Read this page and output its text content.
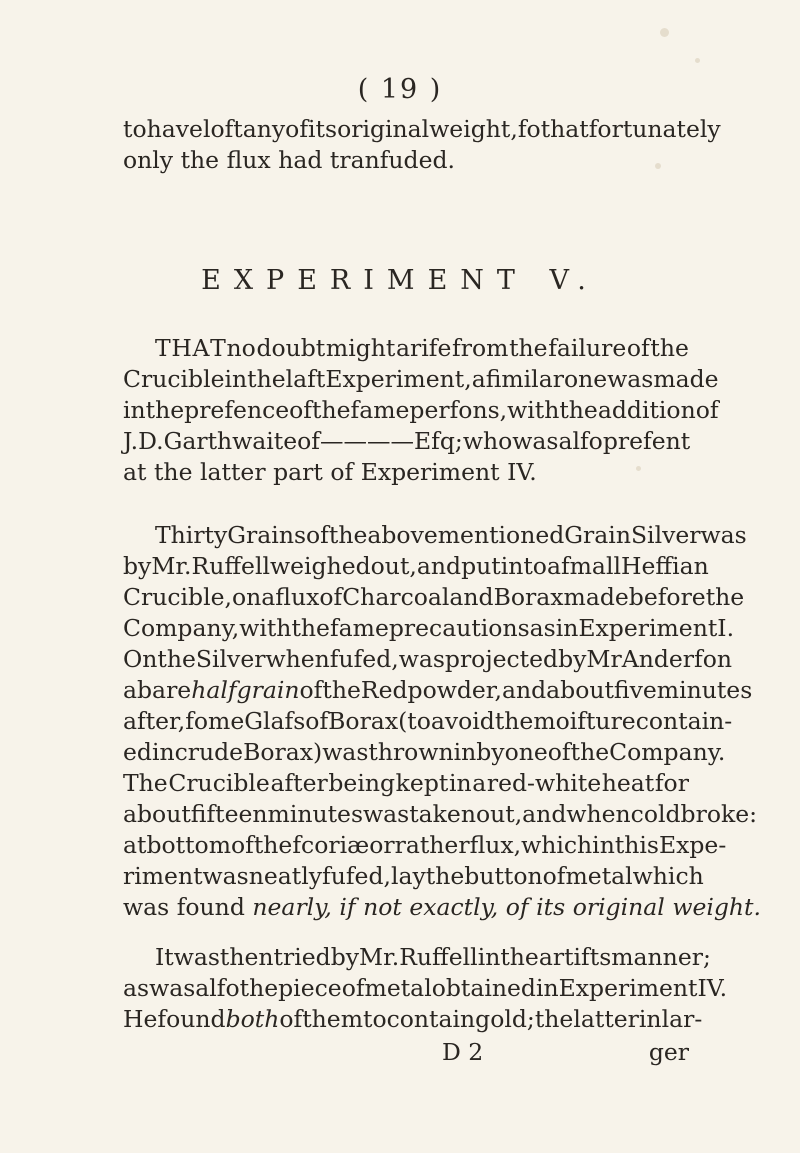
( 19 )
to have loft any of its original weight, fo that fortunately
only the flux had tranfuded.
EXPERIMENT V.
T H A T no doubt might arife from the failure of the
Crucible in the laft Experiment, a fimilar one was made
in the prefence of the fame perfons, with the addition of
J. D. Garthwaite of ———— Efq; who was alfo prefent
at the latter part of Experiment IV.
Thirty Grains of the abovementioned Grain Silver was
by Mr. Ruffell weighed out, and put into a fmall Heffian
Crucible, on a flux of Charcoal and Borax made before the
Company, with the fame precautions as in Experiment I.
On the Silver when fufed, was projected by Mr Anderfon
a bare half grain of the Red powder, and about five minutes
after, fome Glafs of Borax (to avoid the moifture contain-
ed in crude Borax) was thrown in by one of the Company.
The Crucible after being kept in a red-white heat for
about fifteen minutes was taken out, and when cold broke:
at bottom of the fcoriæ or rather flux, which in this Expe-
riment was neatly fufed, lay the button of metal which
was found nearly, if not exactly, of its original weight.
It was then tried by Mr. Ruffell in the artifts manner;
as was alfo the piece of metal obtained in Experiment IV.
He found both of them to contain gold ; the latter in lar-
D 2	ger
